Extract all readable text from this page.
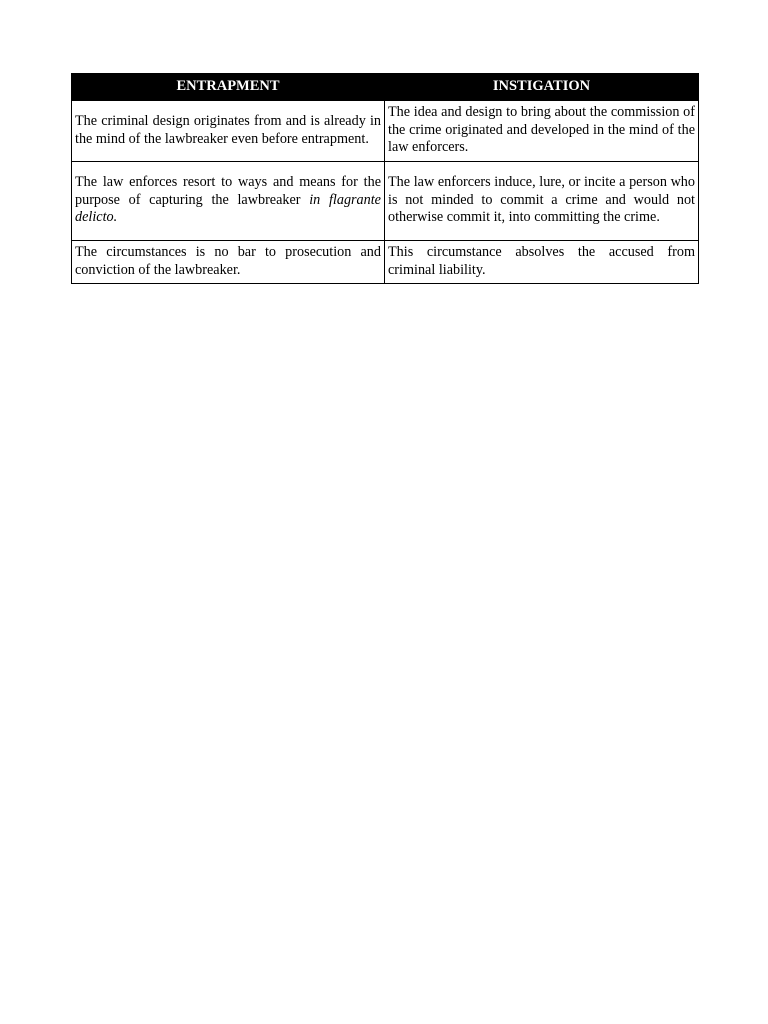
ENTRAPMENT	INSTIGATION
The criminal design originates from and is already in the mind of the lawbreaker even before entrapment.	The idea and design to bring about the commission of the crime originated and developed in the mind of the law enforcers.
The law enforces resort to ways and means for the purpose of capturing the lawbreaker in flagrante delicto.	The law enforcers induce, lure, or incite a person who is not minded to commit a crime and would not otherwise commit it, into committing the crime.
The circumstances is no bar to prosecution and conviction of the lawbreaker.	This circumstance absolves the accused from criminal liability.
